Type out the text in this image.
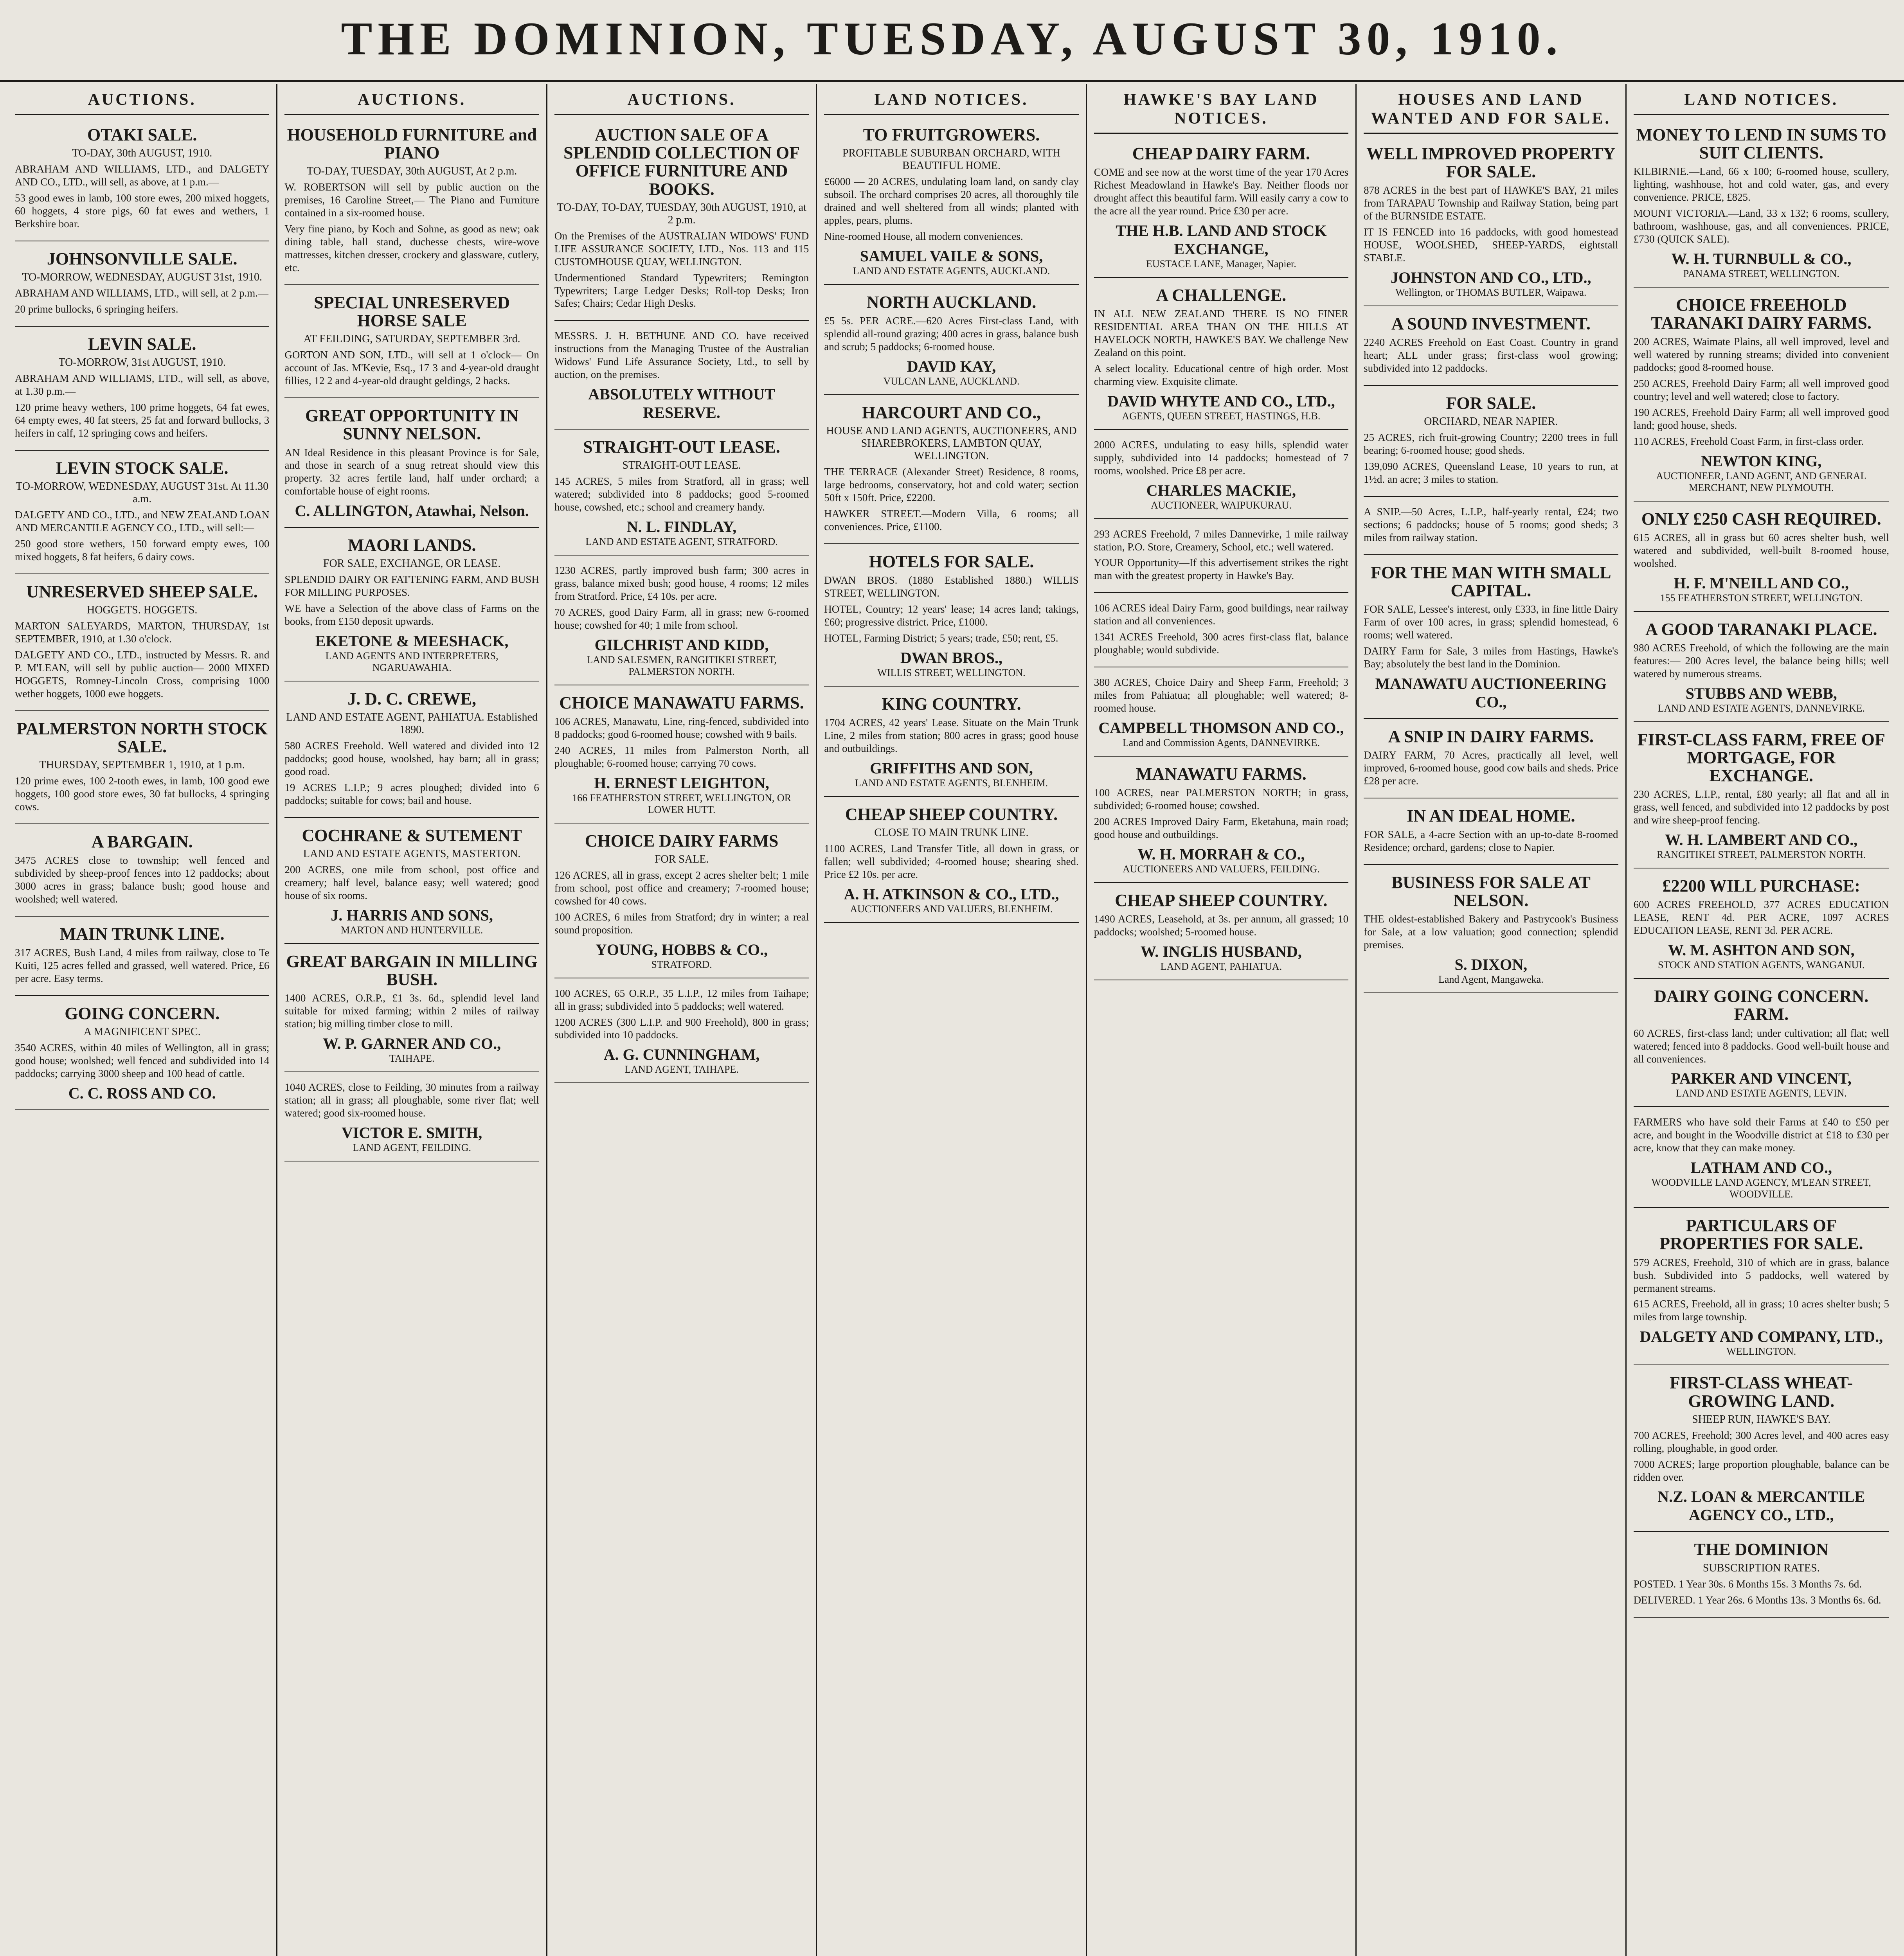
THE DOMINION, TUESDAY, AUGUST 30, 1910.
AUCTIONS.
OTAKI SALE.
TO-DAY, 30th AUGUST, 1910.

ABRAHAM AND WILLIAMS, LTD., and DALGETY AND CO., LTD., will sell, as above, at 1 p.m.—

53 good ewes in lamb, 100 store ewes, 200 mixed hoggets, 60 hoggets, 4 store pigs, 60 fat ewes and wethers, 1 Berkshire boar.

JOHNSONVILLE SALE.
TO-MORROW, WEDNESDAY, AUGUST 31st, 1910.

ABRAHAM AND WILLIAMS, LTD., will sell, at 2 p.m.—

20 prime bullocks, 6 springing heifers.

LEVIN SALE.
TO-MORROW, 31st AUGUST, 1910.

ABRAHAM AND WILLIAMS, LTD., will sell, as above, at 1.30 p.m.—

120 prime heavy wethers, 100 prime hoggets, 64 fat ewes, 64 empty ewes, 40 fat steers, 25 fat and forward bullocks, 3 heifers in calf, 12 springing cows and heifers.

LEVIN STOCK SALE.
TO-MORROW, WEDNESDAY, AUGUST 31st. At 11.30 a.m.

DALGETY AND CO., LTD., and NEW ZEALAND LOAN AND MERCANTILE AGENCY CO., LTD., will sell:—

250 good store wethers, 150 forward empty ewes, 100 mixed hoggets, 8 fat heifers, 6 dairy cows.

UNRESERVED SHEEP SALE.
HOGGETS. HOGGETS.

MARTON SALEYARDS, MARTON, THURSDAY, 1st SEPTEMBER, 1910, at 1.30 o'clock.

DALGETY AND CO., LTD., instructed by Messrs. R. and P. M'LEAN, will sell by public auction— 2000 MIXED HOGGETS, Romney-Lincoln Cross, comprising 1000 wether hoggets, 1000 ewe hoggets.

PALMERSTON NORTH STOCK SALE.
THURSDAY, SEPTEMBER 1, 1910, at 1 p.m.

120 prime ewes, 100 2-tooth ewes, in lamb, 100 good ewe hoggets, 100 good store ewes, 30 fat bullocks, 4 springing cows.

A BARGAIN.

3475 ACRES close to township; well fenced and subdivided by sheep-proof fences into 12 paddocks; about 3000 acres in grass; balance bush; good house and woolshed; well watered.

MAIN TRUNK LINE.

317 ACRES, Bush Land, 4 miles from railway, close to Te Kuiti, 125 acres felled and grassed, well watered. Price, £6 per acre. Easy terms.

GOING CONCERN.
A MAGNIFICENT SPEC.

3540 ACRES, within 40 miles of Wellington, all in grass; good house; woolshed; well fenced and subdivided into 14 paddocks; carrying 3000 sheep and 100 head of cattle.

C. C. ROSS AND CO.
AUCTIONS.
HOUSEHOLD FURNITURE and PIANO
TO-DAY, TUESDAY, 30th AUGUST, At 2 p.m.

W. ROBERTSON will sell by public auction on the premises, 16 Caroline Street,— The Piano and Furniture contained in a six-roomed house.

Very fine piano, by Koch and Sohne, as good as new; oak dining table, hall stand, duchesse chests, wire-wove mattresses, kitchen dresser, crockery and glassware, cutlery, etc.

SPECIAL UNRESERVED HORSE SALE
AT FEILDING, SATURDAY, SEPTEMBER 3rd.

GORTON AND SON, LTD., will sell at 1 o'clock— On account of Jas. M'Kevie, Esq., 17 3 and 4-year-old draught fillies, 12 2 and 4-year-old draught geldings, 2 hacks.

GREAT OPPORTUNITY IN SUNNY NELSON.

AN Ideal Residence in this pleasant Province is for Sale, and those in search of a snug retreat should view this property. 32 acres fertile land, half under orchard; a comfortable house of eight rooms.

C. ALLINGTON, Atawhai, Nelson.
MAORI LANDS.
FOR SALE, EXCHANGE, OR LEASE.

SPLENDID DAIRY OR FATTENING FARM, AND BUSH FOR MILLING PURPOSES.

WE have a Selection of the above class of Farms on the books, from £150 deposit upwards.

EKETONE & MEESHACK,
LAND AGENTS AND INTERPRETERS, NGARUAWAHIA.
J. D. C. CREWE,
LAND AND ESTATE AGENT, PAHIATUA. Established 1890.

580 ACRES Freehold. Well watered and divided into 12 paddocks; good house, woolshed, hay barn; all in grass; good road.

19 ACRES L.I.P.; 9 acres ploughed; divided into 6 paddocks; suitable for cows; bail and house.

COCHRANE & SUTEMENT
LAND AND ESTATE AGENTS, MASTERTON.

200 ACRES, one mile from school, post office and creamery; half level, balance easy; well watered; good house of six rooms.

J. HARRIS AND SONS,
MARTON AND HUNTERVILLE.
GREAT BARGAIN IN MILLING BUSH.

1400 ACRES, O.R.P., £1 3s. 6d., splendid level land suitable for mixed farming; within 2 miles of railway station; big milling timber close to mill.

W. P. GARNER AND CO.,
TAIHAPE.

1040 ACRES, close to Feilding, 30 minutes from a railway station; all in grass; all ploughable, some river flat; well watered; good six-roomed house.

VICTOR E. SMITH,
LAND AGENT, FEILDING.
AUCTIONS.
AUCTION SALE OF A SPLENDID COLLECTION OF OFFICE FURNITURE AND BOOKS.
TO-DAY, TO-DAY, TUESDAY, 30th AUGUST, 1910, at 2 p.m.

On the Premises of the AUSTRALIAN WIDOWS' FUND LIFE ASSURANCE SOCIETY, LTD., Nos. 113 and 115 CUSTOMHOUSE QUAY, WELLINGTON.

Undermentioned Standard Typewriters; Remington Typewriters; Large Ledger Desks; Roll-top Desks; Iron Safes; Chairs; Cedar High Desks.

MESSRS. J. H. BETHUNE AND CO. have received instructions from the Managing Trustee of the Australian Widows' Fund Life Assurance Society, Ltd., to sell by auction, on the premises.

ABSOLUTELY WITHOUT RESERVE.
STRAIGHT-OUT LEASE.
STRAIGHT-OUT LEASE.

145 ACRES, 5 miles from Stratford, all in grass; well watered; subdivided into 8 paddocks; good 5-roomed house, cowshed, etc.; school and creamery handy.

N. L. FINDLAY,
LAND AND ESTATE AGENT, STRATFORD.

1230 ACRES, partly improved bush farm; 300 acres in grass, balance mixed bush; good house, 4 rooms; 12 miles from Stratford. Price, £4 10s. per acre.

70 ACRES, good Dairy Farm, all in grass; new 6-roomed house; cowshed for 40; 1 mile from school.

GILCHRIST AND KIDD,
LAND SALESMEN, RANGITIKEI STREET, PALMERSTON NORTH.
CHOICE MANAWATU FARMS.

106 ACRES, Manawatu, Line, ring-fenced, subdivided into 8 paddocks; good 6-roomed house; cowshed with 9 bails.

240 ACRES, 11 miles from Palmerston North, all ploughable; 6-roomed house; carrying 70 cows.

H. ERNEST LEIGHTON,
166 FEATHERSTON STREET, WELLINGTON, OR LOWER HUTT.
CHOICE DAIRY FARMS
FOR SALE.

126 ACRES, all in grass, except 2 acres shelter belt; 1 mile from school, post office and creamery; 7-roomed house; cowshed for 40 cows.

100 ACRES, 6 miles from Stratford; dry in winter; a real sound proposition.

YOUNG, HOBBS & CO.,
STRATFORD.

100 ACRES, 65 O.R.P., 35 L.I.P., 12 miles from Taihape; all in grass; subdivided into 5 paddocks; well watered.

1200 ACRES (300 L.I.P. and 900 Freehold), 800 in grass; subdivided into 10 paddocks.

A. G. CUNNINGHAM,
LAND AGENT, TAIHAPE.
LAND NOTICES.
TO FRUITGROWERS.
PROFITABLE SUBURBAN ORCHARD, WITH BEAUTIFUL HOME.

£6000 — 20 ACRES, undulating loam land, on sandy clay subsoil. The orchard comprises 20 acres, all thoroughly tile drained and well sheltered from all winds; planted with apples, pears, plums.

Nine-roomed House, all modern conveniences.

SAMUEL VAILE & SONS,
LAND AND ESTATE AGENTS, AUCKLAND.
NORTH AUCKLAND.

£5 5s. PER ACRE.—620 Acres First-class Land, with splendid all-round grazing; 400 acres in grass, balance bush and scrub; 5 paddocks; 6-roomed house.

DAVID KAY,
VULCAN LANE, AUCKLAND.
HARCOURT AND CO.,
HOUSE AND LAND AGENTS, AUCTIONEERS, AND SHAREBROKERS, LAMBTON QUAY, WELLINGTON.

THE TERRACE (Alexander Street) Residence, 8 rooms, large bedrooms, conservatory, hot and cold water; section 50ft x 150ft. Price, £2200.

HAWKER STREET.—Modern Villa, 6 rooms; all conveniences. Price, £1100.

HOTELS FOR SALE.

DWAN BROS. (1880 Established 1880.) WILLIS STREET, WELLINGTON.

HOTEL, Country; 12 years' lease; 14 acres land; takings, £60; progressive district. Price, £1000.

HOTEL, Farming District; 5 years; trade, £50; rent, £5.

DWAN BROS.,
WILLIS STREET, WELLINGTON.
KING COUNTRY.

1704 ACRES, 42 years' Lease. Situate on the Main Trunk Line, 2 miles from station; 800 acres in grass; good house and outbuildings.

GRIFFITHS AND SON,
LAND AND ESTATE AGENTS, BLENHEIM.
CHEAP SHEEP COUNTRY.
CLOSE TO MAIN TRUNK LINE.

1100 ACRES, Land Transfer Title, all down in grass, or fallen; well subdivided; 4-roomed house; shearing shed. Price £2 10s. per acre.

A. H. ATKINSON & CO., LTD.,
AUCTIONEERS AND VALUERS, BLENHEIM.
HAWKE'S BAY LAND NOTICES.
CHEAP DAIRY FARM.

COME and see now at the worst time of the year 170 Acres Richest Meadowland in Hawke's Bay. Neither floods nor drought affect this beautiful farm. Will easily carry a cow to the acre all the year round. Price £30 per acre.

THE H.B. LAND AND STOCK EXCHANGE,
EUSTACE LANE, Manager, Napier.
A CHALLENGE.

IN ALL NEW ZEALAND THERE IS NO FINER RESIDENTIAL AREA THAN ON THE HILLS AT HAVELOCK NORTH, HAWKE'S BAY. We challenge New Zealand on this point.

A select locality. Educational centre of high order. Most charming view. Exquisite climate.

DAVID WHYTE AND CO., LTD.,
AGENTS, QUEEN STREET, HASTINGS, H.B.

2000 ACRES, undulating to easy hills, splendid water supply, subdivided into 14 paddocks; homestead of 7 rooms, woolshed. Price £8 per acre.

CHARLES MACKIE,
AUCTIONEER, WAIPUKURAU.

293 ACRES Freehold, 7 miles Dannevirke, 1 mile railway station, P.O. Store, Creamery, School, etc.; well watered.

YOUR Opportunity—If this advertisement strikes the right man with the greatest property in Hawke's Bay.

106 ACRES ideal Dairy Farm, good buildings, near railway station and all conveniences.

1341 ACRES Freehold, 300 acres first-class flat, balance ploughable; would subdivide.

380 ACRES, Choice Dairy and Sheep Farm, Freehold; 3 miles from Pahiatua; all ploughable; well watered; 8-roomed house.

CAMPBELL THOMSON AND CO.,
Land and Commission Agents, DANNEVIRKE.
MANAWATU FARMS.

100 ACRES, near PALMERSTON NORTH; in grass, subdivided; 6-roomed house; cowshed.

200 ACRES Improved Dairy Farm, Eketahuna, main road; good house and outbuildings.

W. H. MORRAH & CO.,
AUCTIONEERS AND VALUERS, FEILDING.
CHEAP SHEEP COUNTRY.

1490 ACRES, Leasehold, at 3s. per annum, all grassed; 10 paddocks; woolshed; 5-roomed house.

W. INGLIS HUSBAND,
LAND AGENT, PAHIATUA.
HOUSES AND LAND WANTED AND FOR SALE.
WELL IMPROVED PROPERTY FOR SALE.

878 ACRES in the best part of HAWKE'S BAY, 21 miles from TARAPAU Township and Railway Station, being part of the BURNSIDE ESTATE.

IT IS FENCED into 16 paddocks, with good homestead HOUSE, WOOLSHED, SHEEP-YARDS, eightstall STABLE.

JOHNSTON AND CO., LTD.,
Wellington, or THOMAS BUTLER, Waipawa.
A SOUND INVESTMENT.

2240 ACRES Freehold on East Coast. Country in grand heart; ALL under grass; first-class wool growing; subdivided into 12 paddocks.

FOR SALE.
ORCHARD, NEAR NAPIER.

25 ACRES, rich fruit-growing Country; 2200 trees in full bearing; 6-roomed house; good sheds.

139,090 ACRES, Queensland Lease, 10 years to run, at 1½d. an acre; 3 miles to station.

A SNIP.—50 Acres, L.I.P., half-yearly rental, £24; two sections; 6 paddocks; house of 5 rooms; good sheds; 3 miles from railway station.

FOR THE MAN WITH SMALL CAPITAL.

FOR SALE, Lessee's interest, only £333, in fine little Dairy Farm of over 100 acres, in grass; splendid homestead, 6 rooms; well watered.

DAIRY Farm for Sale, 3 miles from Hastings, Hawke's Bay; absolutely the best land in the Dominion.

MANAWATU AUCTIONEERING CO.,
A SNIP IN DAIRY FARMS.

DAIRY FARM, 70 Acres, practically all level, well improved, 6-roomed house, good cow bails and sheds. Price £28 per acre.

IN AN IDEAL HOME.

FOR SALE, a 4-acre Section with an up-to-date 8-roomed Residence; orchard, gardens; close to Napier.

BUSINESS FOR SALE AT NELSON.

THE oldest-established Bakery and Pastrycook's Business for Sale, at a low valuation; good connection; splendid premises.

S. DIXON,
Land Agent, Mangaweka.
LAND NOTICES.
MONEY TO LEND IN SUMS TO SUIT CLIENTS.

KILBIRNIE.—Land, 66 x 100; 6-roomed house, scullery, lighting, washhouse, hot and cold water, gas, and every convenience. PRICE, £825.

MOUNT VICTORIA.—Land, 33 x 132; 6 rooms, scullery, bathroom, washhouse, gas, and all conveniences. PRICE, £730 (QUICK SALE).

W. H. TURNBULL & CO.,
PANAMA STREET, WELLINGTON.
CHOICE FREEHOLD TARANAKI DAIRY FARMS.

200 ACRES, Waimate Plains, all well improved, level and well watered by running streams; divided into convenient paddocks; good 8-roomed house.

250 ACRES, Freehold Dairy Farm; all well improved good country; level and well watered; close to factory.

190 ACRES, Freehold Dairy Farm; all well improved good land; good house, sheds.

110 ACRES, Freehold Coast Farm, in first-class order.

NEWTON KING,
AUCTIONEER, LAND AGENT, AND GENERAL MERCHANT, NEW PLYMOUTH.
ONLY £250 CASH REQUIRED.

615 ACRES, all in grass but 60 acres shelter bush, well watered and subdivided, well-built 8-roomed house, woolshed.

H. F. M'NEILL AND CO.,
155 FEATHERSTON STREET, WELLINGTON.
A GOOD TARANAKI PLACE.

980 ACRES Freehold, of which the following are the main features:— 200 Acres level, the balance being hills; well watered by numerous streams.

STUBBS AND WEBB,
LAND AND ESTATE AGENTS, DANNEVIRKE.
FIRST-CLASS FARM, FREE OF MORTGAGE, FOR EXCHANGE.

230 ACRES, L.I.P., rental, £80 yearly; all flat and all in grass, well fenced, and subdivided into 12 paddocks by post and wire sheep-proof fencing.

W. H. LAMBERT AND CO.,
RANGITIKEI STREET, PALMERSTON NORTH.
£2200 WILL PURCHASE:

600 ACRES FREEHOLD, 377 ACRES EDUCATION LEASE, RENT 4d. PER ACRE, 1097 ACRES EDUCATION LEASE, RENT 3d. PER ACRE.

W. M. ASHTON AND SON,
STOCK AND STATION AGENTS, WANGANUI.
DAIRY GOING CONCERN. FARM.

60 ACRES, first-class land; under cultivation; all flat; well watered; fenced into 8 paddocks. Good well-built house and all conveniences.

PARKER AND VINCENT,
LAND AND ESTATE AGENTS, LEVIN.

FARMERS who have sold their Farms at £40 to £50 per acre, and bought in the Woodville district at £18 to £30 per acre, know that they can make money.

LATHAM AND CO.,
WOODVILLE LAND AGENCY, M'LEAN STREET, WOODVILLE.
PARTICULARS OF PROPERTIES FOR SALE.

579 ACRES, Freehold, 310 of which are in grass, balance bush. Subdivided into 5 paddocks, well watered by permanent streams.

615 ACRES, Freehold, all in grass; 10 acres shelter bush; 5 miles from large township.

DALGETY AND COMPANY, LTD.,
WELLINGTON.
FIRST-CLASS WHEAT-GROWING LAND.
SHEEP RUN, HAWKE'S BAY.

700 ACRES, Freehold; 300 Acres level, and 400 acres easy rolling, ploughable, in good order.

7000 ACRES; large proportion ploughable, balance can be ridden over.

N.Z. LOAN & MERCANTILE AGENCY CO., LTD.,
THE DOMINION
SUBSCRIPTION RATES.

POSTED. 1 Year 30s. 6 Months 15s. 3 Months 7s. 6d.

DELIVERED. 1 Year 26s. 6 Months 13s. 3 Months 6s. 6d.
